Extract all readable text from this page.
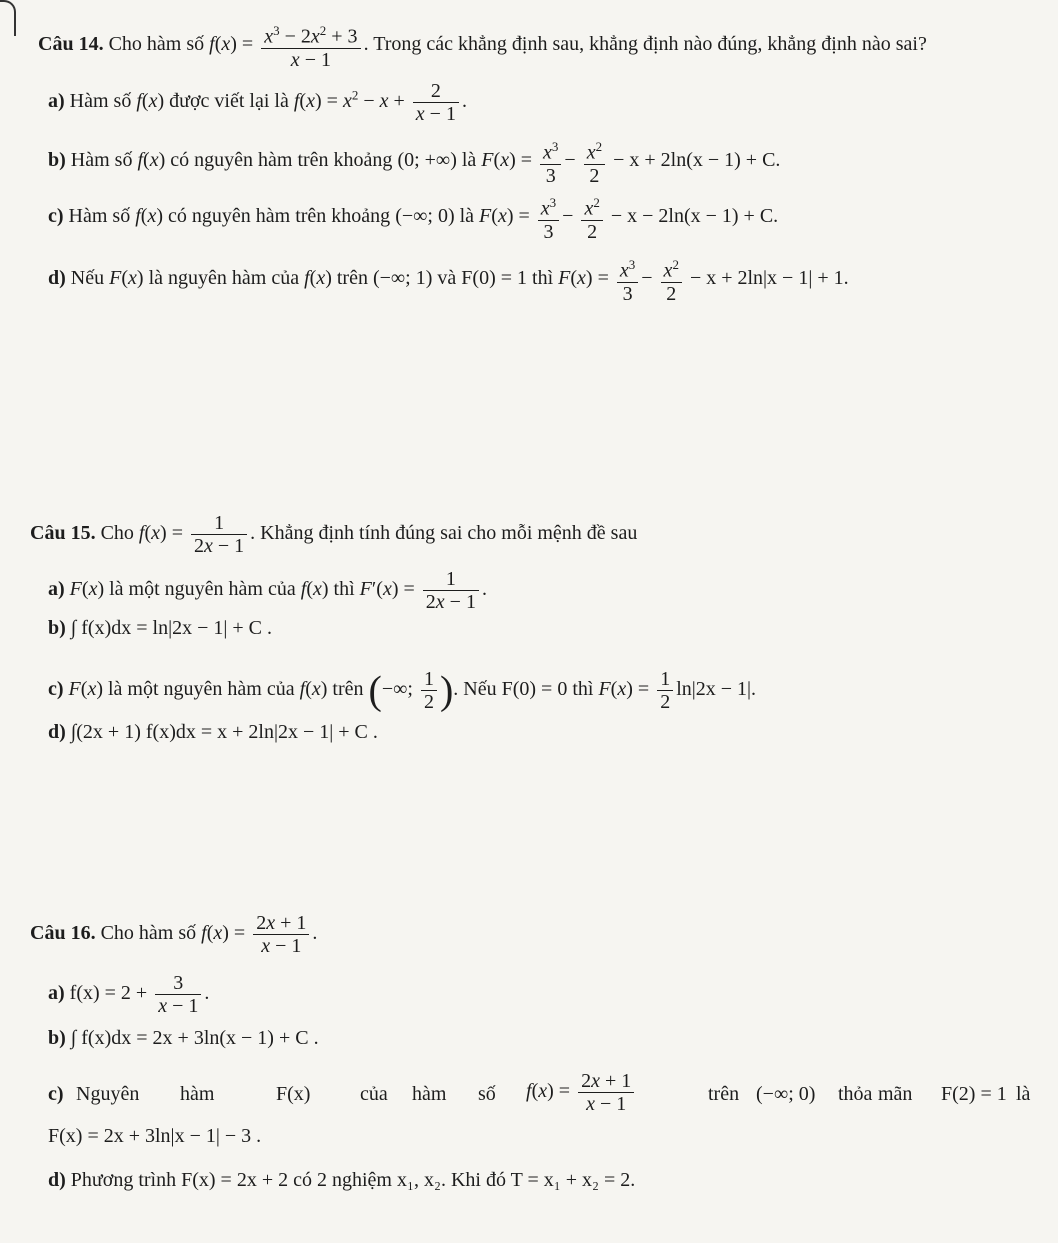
Câu 14. Cho hàm số $f(x) = \frac{x^3 - 2x^2 + 3}{x - 1}$ . Trong các khẳng định sau, khẳng định nào đúng, khẳng định nào sai?
a) Hàm số f(x) được viết lại là $f(x) = x^2 - x + \frac{2}{x - 1}$ .
b) Hàm số f(x) có nguyên hàm trên khoảng (0; +∞) là $F(x) = \frac{x^3}{3} - \frac{x^2}{2} - x + 2\ln(x - 1) + C$.
c) Hàm số f(x) có nguyên hàm trên khoảng (−∞; 0) là $F(x) = \frac{x^3}{3} - \frac{x^2}{2} - x - 2\ln(x - 1) + C$.
d) Nếu F(x) là nguyên hàm của f(x) trên (−∞; 1) và F(0) = 1 thì $F(x) = \frac{x^3}{3} - \frac{x^2}{2} - x + 2\ln|x - 1| + 1$.
Câu 15. Cho $f(x) = \frac{1}{2x - 1}$ . Khẳng định tính đúng sai cho mỗi mệnh đề sau
a) F(x) là một nguyên hàm của f(x) thì $F'(x) = \frac{1}{2x - 1}$ .
b) ∫ f(x)dx = ln|2x − 1| + C .
c) F(x) là một nguyên hàm của f(x) trên (−∞; $\frac{1}{2}$ ). Nếu F(0) = 0 thì $F(x) = \frac{1}{2} \ln|2x - 1|$.
d) ∫(2x + 1) f(x)dx = x + 2ln|2x − 1| + C .
Câu 16. Cho hàm số $f(x) = \frac{2x + 1}{x - 1}$ .
a) $f(x) = 2 + \frac{3}{x - 1}$ .
b) ∫ f(x)dx = 2x + 3ln(x − 1) + C .
c) Nguyên hàm	F(x) của hàm số $f(x) = \frac{2x + 1}{x - 1}$	trên (−∞; 0) thỏa mãn F(2) = 1 là
F(x) = 2x + 3ln|x − 1| − 3 .
d) Phương trình F(x) = 2x + 2 có 2 nghiệm x₁, x₂. Khi đó T = x₁ + x₂ = 2.
